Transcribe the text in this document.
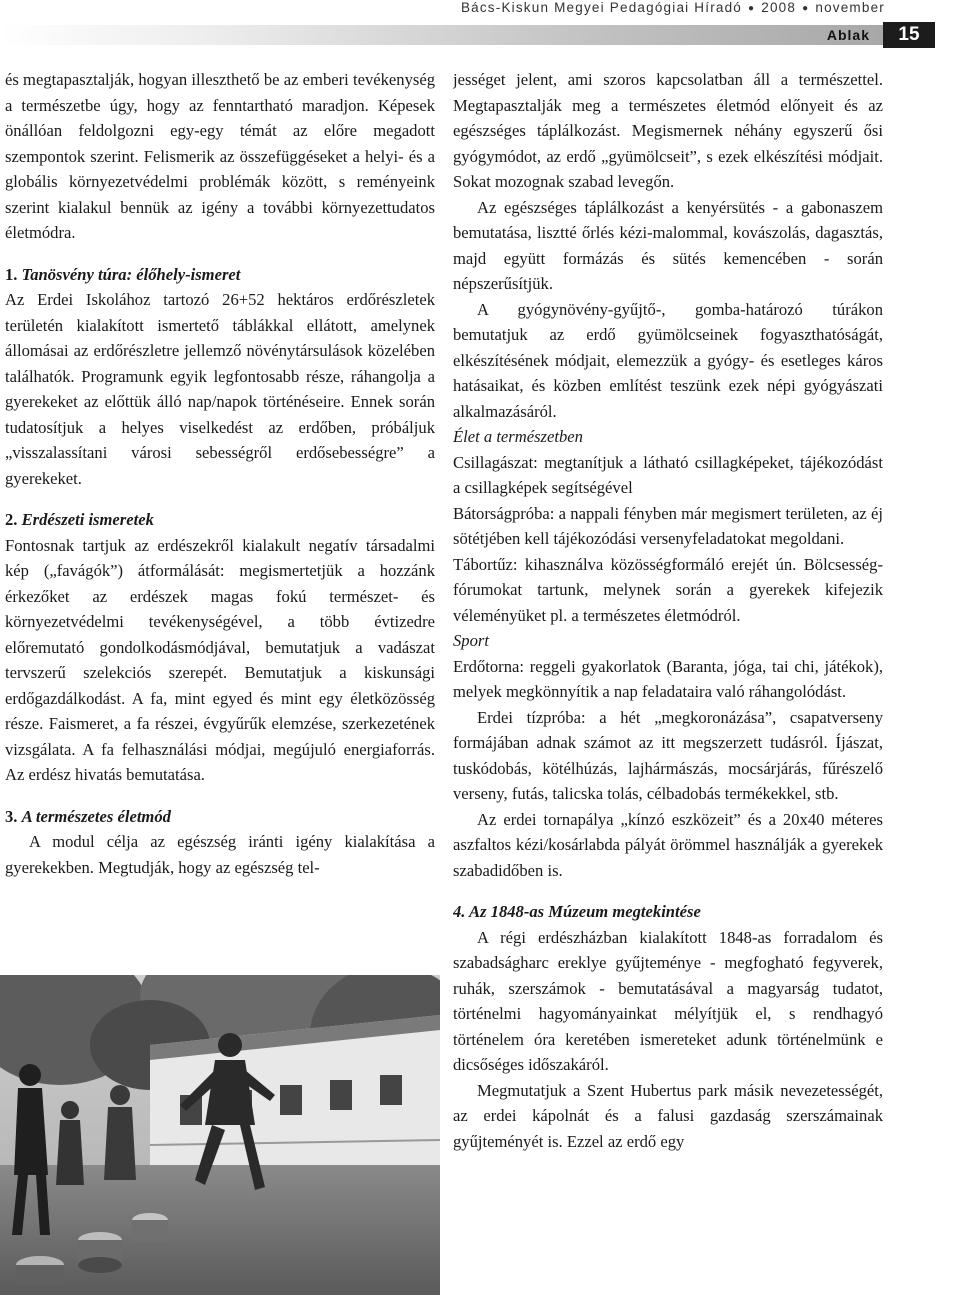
Bács-Kiskun Megyei Pedagógiai Híradó ● 2008 ● november
Ablak	15

és megtapasztalják, hogyan illeszthető be az emberi tevékenység a természetbe úgy, hogy az fenntartható maradjon. Képesek önállóan feldolgozni egy-egy témát az előre megadott szempontok szerint. Felismerik az összefüggéseket a helyi- és a globális környezetvédelmi problémák között, s reményeink szerint kialakul bennük az igény a további környezettudatos életmódra.

1. Tanösvény túra: élőhely-ismeret

Az Erdei Iskolához tartozó 26+52 hektáros erdőrészletek területén kialakított ismertető táblákkal ellátott, amelynek állomásai az erdőrészletre jellemző növénytársulások közelében találhatók. Programunk egyik legfontosabb része, ráhangolja a gyerekeket az előttük álló nap/napok történéseire. Ennek során tudatosítjuk a helyes viselkedést az erdőben, próbáljuk „visszalassítani városi sebességről erdősebességre” a gyerekeket.

2. Erdészeti ismeretek

Fontosnak tartjuk az erdészekről kialakult negatív társadalmi kép („favágók”) átformálását: megismertetjük a hozzánk érkezőket az erdészek magas fokú természet- és környezetvédelmi tevékenységével, a több évtizedre előremutató gondolkodásmódjával, bemutatjuk a vadászat tervszerű szelekciós szerepét. Bemutatjuk a kiskunsági erdőgazdálkodást. A fa, mint egyed és mint egy életközösség része. Faismeret, a fa részei, évgyűrűk elemzése, szerkezetének vizsgálata. A fa felhasználási módjai, megújuló energiaforrás. Az erdész hivatás bemutatása.

3. A természetes életmód

A modul célja az egészség iránti igény kialakítása a gyerekekben. Megtudják, hogy az egészség tel-

jességet jelent, ami szoros kapcsolatban áll a természettel. Megtapasztalják meg a természetes életmód előnyeit és az egészséges táplálkozást. Megismernek néhány egyszerű ősi gyógymódot, az erdő „gyümölcseit”, s ezek elkészítési módjait. Sokat mozognak szabad levegőn.

Az egészséges táplálkozást a kenyérsütés - a gabonaszem bemutatása, lisztté őrlés kézi-malommal, kovászolás, dagasztás, majd együtt formázás és sütés kemencében - során népszerűsítjük.

A gyógynövény-gyűjtő-, gomba-határozó túrákon bemutatjuk az erdő gyümölcseinek fogyaszthatóságát, elkészítésének módjait, elemezzük a gyógy- és esetleges káros hatásaikat, és közben említést teszünk ezek népi gyógyászati alkalmazásáról.

Élet a természetben

Csillagászat: megtanítjuk a látható csillagképeket, tájékozódást a csillagképek segítségével

Bátorságpróba: a nappali fényben már megismert területen, az éj sötétjében kell tájékozódási versenyfeladatokat megoldani.

Tábortűz: kihasználva közösségformáló erejét ún. Bölcsesség-fórumokat tartunk, melynek során a gyerekek kifejezik véleményüket pl. a természetes életmódról.

Sport

Erdőtorna: reggeli gyakorlatok (Baranta, jóga, tai chi, játékok), melyek megkönnyítik a nap feladataira való ráhangolódást.

Erdei tízpróba: a hét „megkoronázása”, csapatverseny formájában adnak számot az itt megszerzett tudásról. Íjászat, tuskódobás, kötélhúzás, lajhármászás, mocsárjárás, fűrészelő verseny, futás, talicska tolás, célbadobás termékekkel, stb.

Az erdei tornapálya „kínzó eszközeit” és a 20x40 méteres aszfaltos kézi/kosárlabda pályát örömmel használják a gyerekek szabadidőben is.

4. Az 1848-as Múzeum megtekintése

A régi erdészházban kialakított 1848-as forradalom és szabadságharc ereklye gyűjteménye - megfogható fegyverek, ruhák, szerszámok - bemutatásával a magyarság tudatot, történelmi hagyományainkat mélyítjük el, s rendhagyó történelem óra keretében ismereteket adunk történelmünk e dicsőséges időszakáról.

Megmutatjuk a Szent Hubertus park másik nevezetességét, az erdei kápolnát és a falusi gazdaság szerszámainak gyűjteményét is. Ezzel az erdő egy
